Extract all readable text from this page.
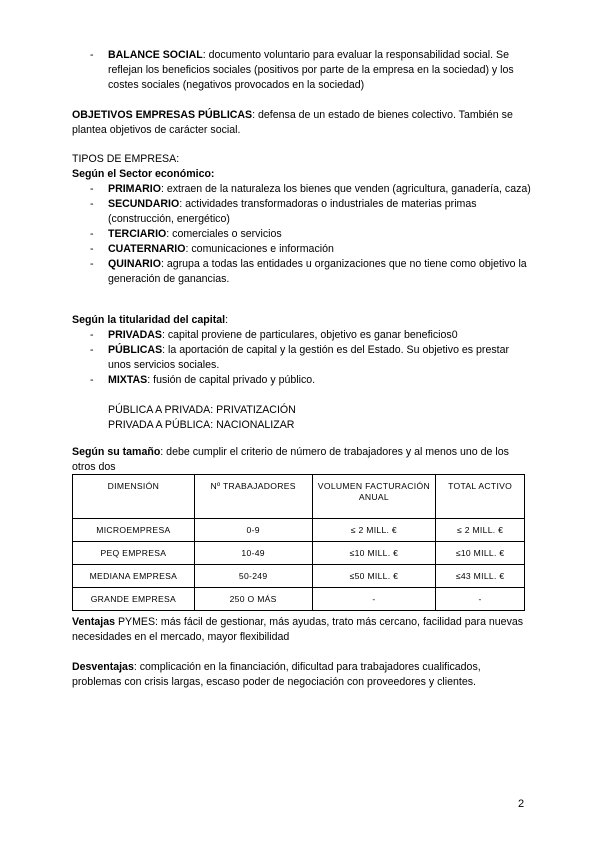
- BALANCE SOCIAL: documento voluntario para evaluar la responsabilidad social. Se reflejan los beneficios sociales (positivos por parte de la empresa en la sociedad) y los costes sociales (negativos provocados en la sociedad)

OBJETIVOS EMPRESAS PÚBLICAS: defensa de un estado de bienes colectivo. También se plantea objetivos de carácter social.

TIPOS DE EMPRESA:

Según el Sector económico:

- PRIMARIO: extraen de la naturaleza los bienes que venden (agricultura, ganadería, caza)
- SECUNDARIO: actividades transformadoras o industriales de materias primas (construcción, energético)
- TERCIARIO: comerciales o servicios
- CUATERNARIO: comunicaciones e información
- QUINARIO: agrupa a todas las entidades u organizaciones que no tiene como objetivo la generación de ganancias.

Según la titularidad del capital:

- PRIVADAS: capital proviene de particulares, objetivo es ganar beneficios0
- PÚBLICAS: la aportación de capital y la gestión es del Estado. Su objetivo es prestar unos servicios sociales.
- MIXTAS: fusión de capital privado y público.

PÚBLICA A PRIVADA: PRIVATIZACIÓN

PRIVADA A PÚBLICA: NACIONALIZAR

Según su tamaño: debe cumplir el criterio de número de trabajadores y al menos uno de los otros dos

DIMENSIÓN	Nº TRABAJADORES	VOLUMEN FACTURACIÓN ANUAL	TOTAL ACTIVO
MICROEMPRESA	0-9	≤ 2 MILL. €	≤ 2 MILL. €
PEQ EMPRESA	10-49	≤10 MILL. €	≤10 MILL. €
MEDIANA EMPRESA	50-249	≤50 MILL. €	≤43 MILL. €
GRANDE EMPRESA	250 O MÁS	-	-

Ventajas PYMES: más fácil de gestionar, más ayudas, trato más cercano, facilidad para nuevas necesidades en el mercado, mayor flexibilidad

Desventajas: complicación en la financiación, dificultad para trabajadores cualificados, problemas con crisis largas, escaso poder de negociación con proveedores y clientes.

2
